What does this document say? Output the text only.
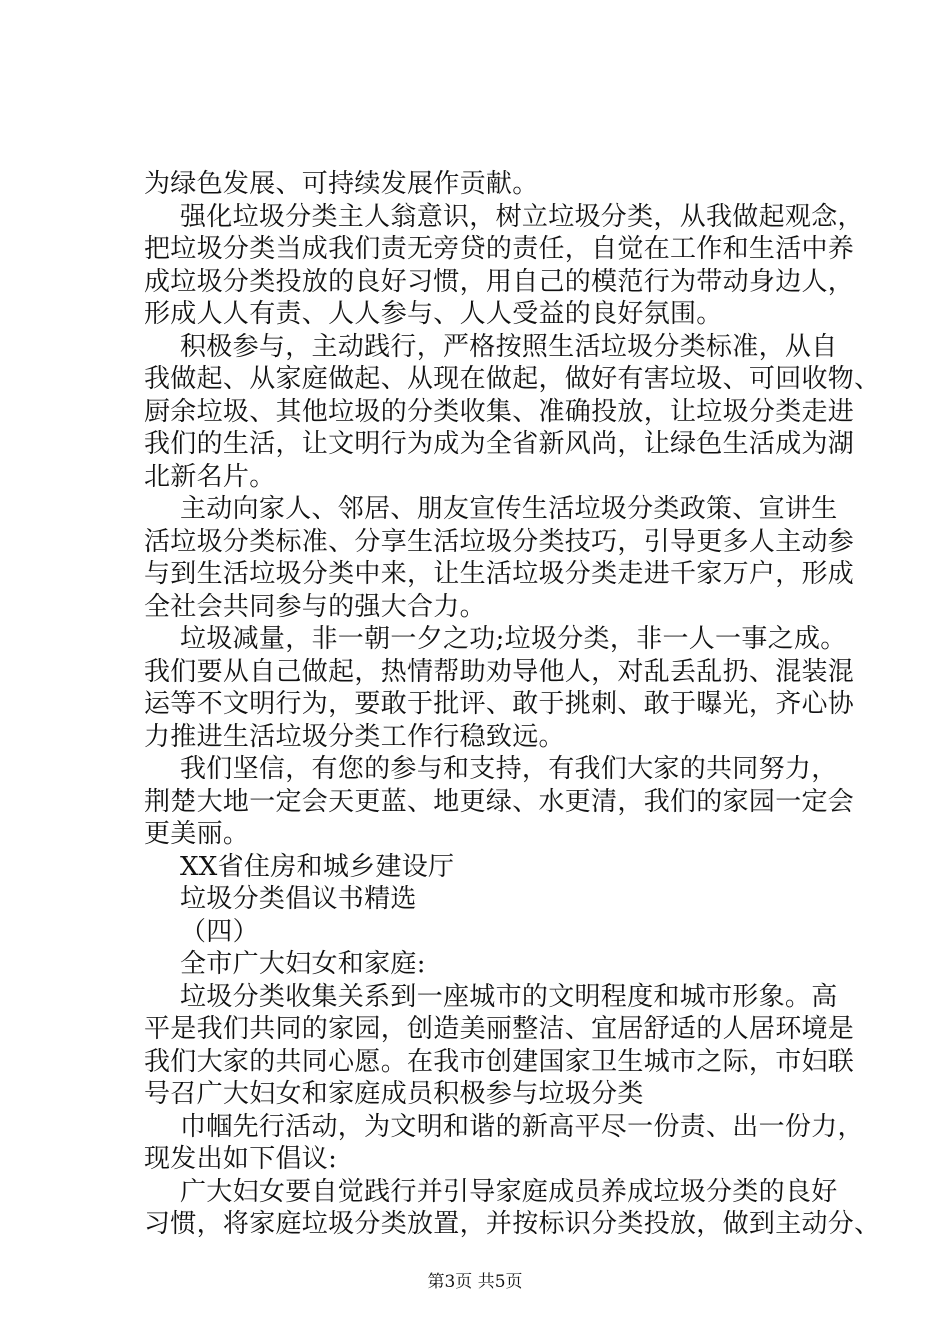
为绿色发展、可持续发展作贡献。
强化垃圾分类主人翁意识，树立垃圾分类，从我做起观念，
把垃圾分类当成我们责无旁贷的责任，自觉在工作和生活中养
成垃圾分类投放的良好习惯，用自己的模范行为带动身边人，
形成人人有责、人人参与、人人受益的良好氛围。
积极参与，主动践行，严格按照生活垃圾分类标准，从自
我做起、从家庭做起、从现在做起，做好有害垃圾、可回收物、
厨余垃圾、其他垃圾的分类收集、准确投放，让垃圾分类走进
我们的生活，让文明行为成为全省新风尚，让绿色生活成为湖
北新名片。
主动向家人、邻居、朋友宣传生活垃圾分类政策、宣讲生
活垃圾分类标准、分享生活垃圾分类技巧，引导更多人主动参
与到生活垃圾分类中来，让生活垃圾分类走进千家万户，形成
全社会共同参与的强大合力。
垃圾减量，非一朝一夕之功;垃圾分类，非一人一事之成。
我们要从自己做起，热情帮助劝导他人，对乱丢乱扔、混装混
运等不文明行为，要敢于批评、敢于挑刺、敢于曝光，齐心协
力推进生活垃圾分类工作行稳致远。
我们坚信，有您的参与和支持，有我们大家的共同努力，
荆楚大地一定会天更蓝、地更绿、水更清，我们的家园一定会
更美丽。
XX省住房和城乡建设厅
垃圾分类倡议书精选
（四）
全市广大妇女和家庭:
垃圾分类收集关系到一座城市的文明程度和城市形象。高
平是我们共同的家园，创造美丽整洁、宜居舒适的人居环境是
我们大家的共同心愿。在我市创建国家卫生城市之际，市妇联
号召广大妇女和家庭成员积极参与垃圾分类
巾帼先行活动，为文明和谐的新高平尽一份责、出一份力，
现发出如下倡议:
广大妇女要自觉践行并引导家庭成员养成垃圾分类的良好
习惯，将家庭垃圾分类放置，并按标识分类投放，做到主动分、
第3页 共5页
